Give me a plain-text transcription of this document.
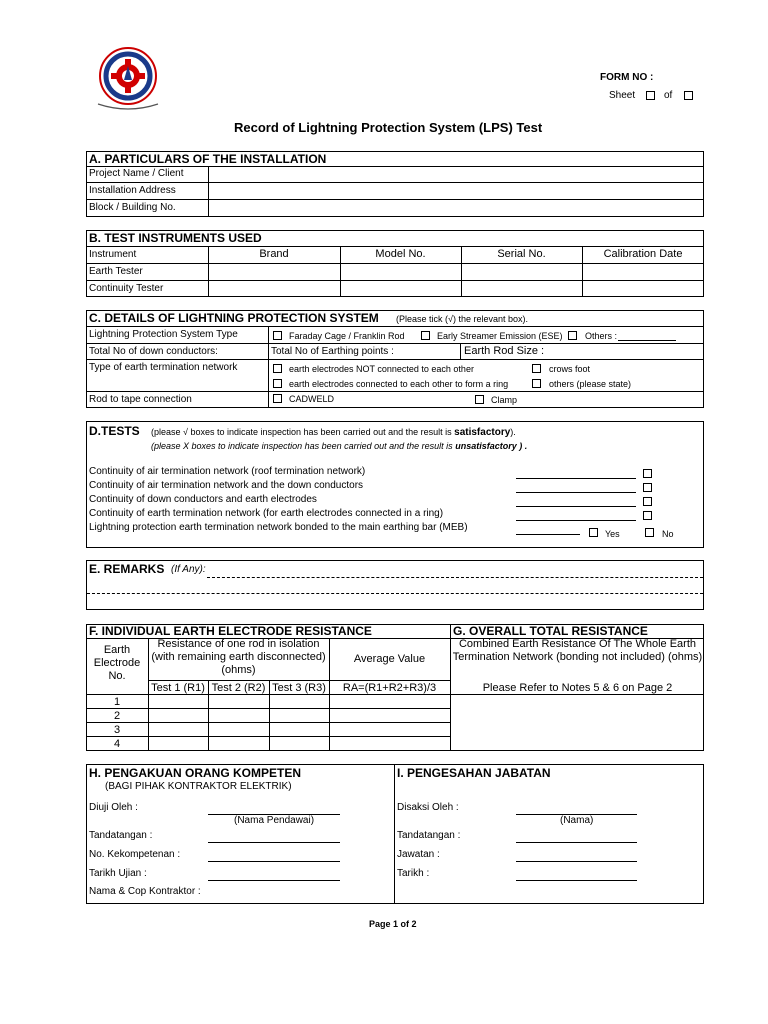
FORM NO :
Sheet	of
Record of Lightning Protection System (LPS) Test
A. PARTICULARS OF THE INSTALLATION
Project Name / Client
Installation Address
Block / Building No.
B. TEST INSTRUMENTS USED
Instrument	Brand	Model No.	Serial No.	Calibration Date
Earth Tester
Continuity Tester
C. DETAILS OF LIGHTNING PROTECTION SYSTEM (Please tick (√) the relevant box).
Lightning Protection System Type	Faraday Cage / Franklin Rod	Early Streamer Emission (ESE) Others :
Total No of down conductors:	Total No of Earthing points :	Earth Rod Size :
Type of earth termination network	earth electrodes NOT connected to each other	crows foot
earth electrodes connected to each other to form a ring	others (please state)
Rod to tape connection	CADWELD	Clamp
D.TESTS (please √ boxes to indicate inspection has been carried out and the result is satisfactory).
(please X boxes to indicate inspection has been carried out and the result is unsatisfactory ) .
Continuity of air termination network (roof termination network)
Continuity of air termination network and the down conductors
Continuity of down conductors and earth electrodes
Continuity of earth termination network (for earth electrodes connected in a ring)
Lightning protection earth termination network bonded to the main earthing bar (MEB)
Yes	No
E. REMARKS (If Any):
F. INDIVIDUAL EARTH ELECTRODE RESISTANCE	G. OVERALL TOTAL RESISTANCE
Earth Electrode No.
Resistance of one rod in isolation (with remaining earth disconnected) (ohms)
Average Value
Test 1 (R1) Test 2 (R2) Test 3 (R3)	RA=(R1+R2+R3)/3
1
2
3
4
Combined Earth Resistance Of The Whole Earth Termination Network (bonding not included) (ohms)
Please Refer to Notes 5 & 6 on Page 2
H. PENGAKUAN ORANG KOMPETEN
(BAGI PIHAK KONTRAKTOR ELEKTRIK)
I. PENGESAHAN JABATAN
Diuji Oleh :
(Nama Pendawai)
Tandatangan :
No. Kekompetenan :
Tarikh Ujian :
Nama & Cop Kontraktor :
Disaksi Oleh :
(Nama)
Tandatangan :
Jawatan :
Tarikh :
Page 1 of 2
